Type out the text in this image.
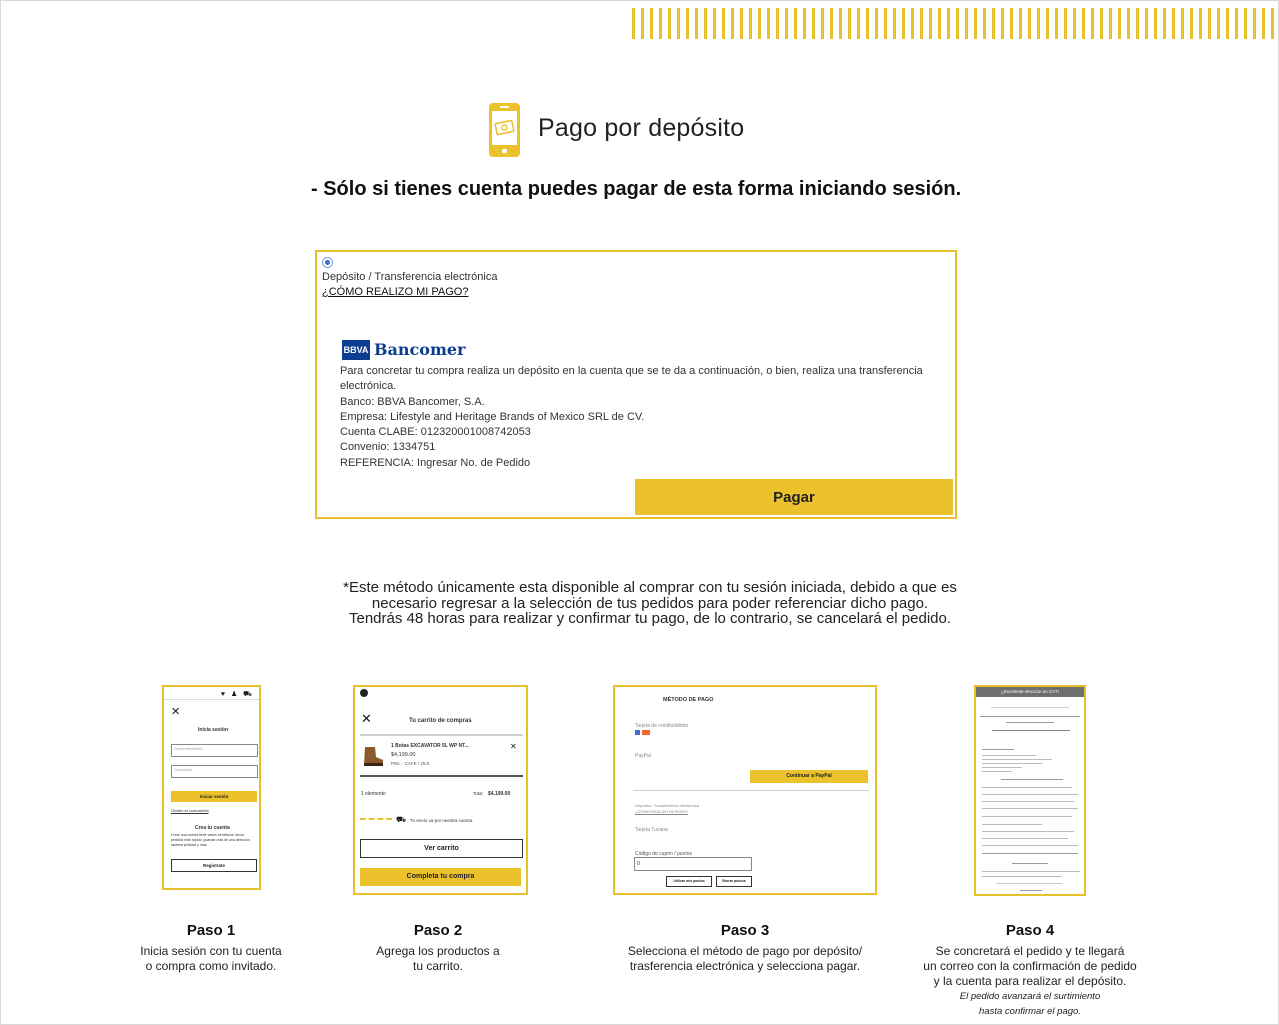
Pago por depósito
- Sólo si tienes cuenta puedes pagar de esta forma iniciando sesión.
Depósito / Transferencia electrónica
¿CÓMO REALIZO MI PAGO?
BBVA Bancomer
Para concretar tu compra realiza un depósito en la cuenta que se te da a continuación, o bien, realiza una transferencia electrónica.
Banco: BBVA Bancomer, S.A.
Empresa: Lifestyle and Heritage Brands of Mexico SRL de CV.
Cuenta CLABE: 012320001008742053
Convenio: 1334751
REFERENCIA: Ingresar No. de Pedido
Pagar
*Este método únicamente esta disponible al comprar con tu sesión iniciada, debido a que es
necesario regresar a la selección de tus pedidos para poder referenciar dicho pago.
Tendrás 48 horas para realizar y confirmar tu pago, de lo contrario, se cancelará el pedido.
♥ ♟ ⛟
✕
Inicia sesión
Correo electrónico
Contraseña
Iniciar sesión
Olvidé mi contraseña
Crea tu cuenta
Crear una cuenta tiene varios beneficios: llevar pedidos más rápido, guardar más de una dirección, rastrear pedidos y mas.
Registrate
✕	Tu carrito de compras
1 Botas EXCAVATOR 5L WP NT...
$4,199.00
PIEL - CAFE / 25.0
✕
1 elemento	Total $4,199.00
⛟ Tu envío va por nuestra cuenta.
Ver carrito
Completa tu compra
MÉTODO DE PAGO
Tarjeta de crédito/débito
PayPal
Continuar a PayPal
Depósito / Transferencia electrónica
¿CÓMO REALIZO MI PAGO?
Tarjeta Tuvana
Código de cupón / puntos
0
Utilizar mis puntos	Borrar puntos
¿Excelente elección en CAT!
Paso 1
Inicia sesión con tu cuenta
o compra como invitado.
Paso 2
Agrega los productos a
tu carrito.
Paso 3
Selecciona el método de pago por depósito/
trasferencia electrónica y selecciona pagar.
Paso 4
Se concretará el pedido y te llegará
un correo con la confirmación de pedido
y la cuenta para realizar el depósito.
El pedido avanzará el surtimiento
hasta confirmar el pago.
